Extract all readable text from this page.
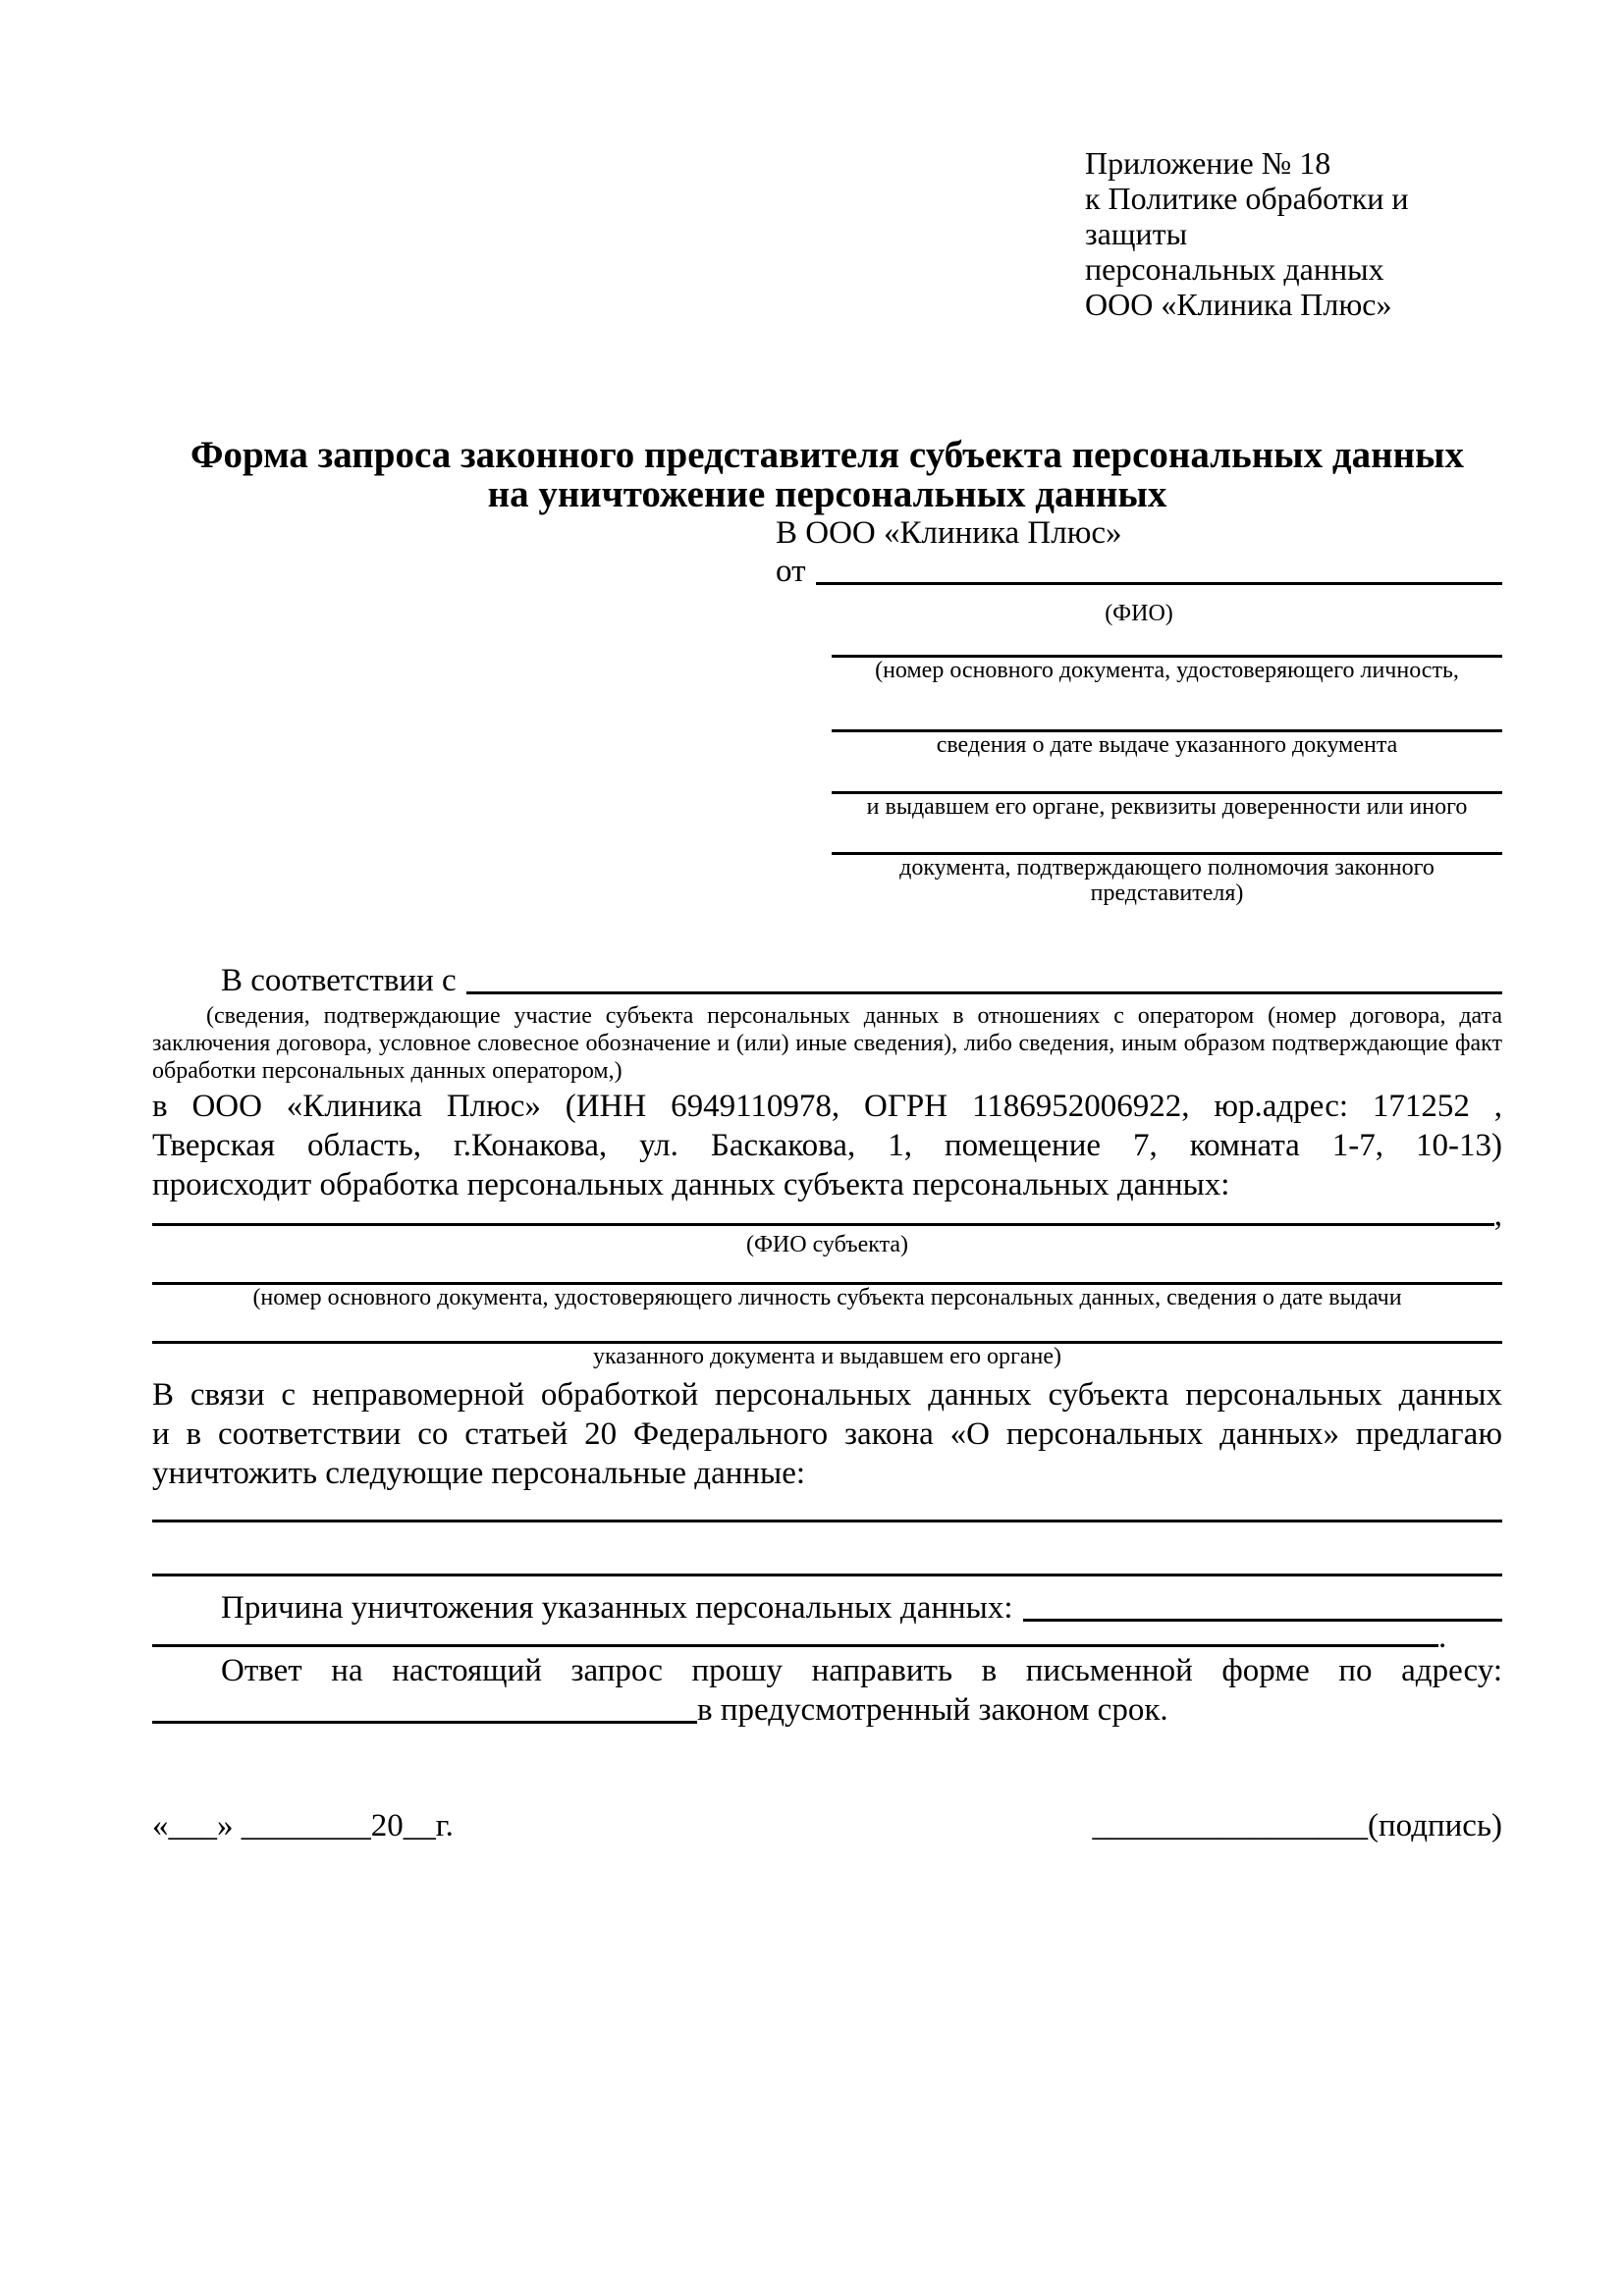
Приложение № 18
к Политике обработки и защиты
персональных данных
ООО «Клиника Плюс»
Форма запроса законного представителя субъекта персональных данных
на уничтожение персональных данных
В ООО «Клиника Плюс»
от
(ФИО)
(номер основного документа, удостоверяющего личность,
сведения о дате выдаче указанного документа
и выдавшем его органе, реквизиты доверенности или иного
документа, подтверждающего полномочия законного представителя)
В соответствии с
(сведения, подтверждающие участие субъекта персональных данных в отношениях с оператором (номер договора, дата
заключения договора, условное словесное обозначение и (или) иные сведения), либо сведения, иным образом подтверждающие факт
обработки персональных данных оператором,)
в ООО «Клиника Плюс» (ИНН 6949110978, ОГРН 1186952006922, юр.адрес: 171252 ,
Тверская область, г.Конакова, ул. Баскакова, 1, помещение 7, комната 1-7, 10-13)
происходит обработка персональных данных субъекта персональных данных:
,
(ФИО субъекта)
(номер основного документа, удостоверяющего личность субъекта персональных данных, сведения о дате выдачи
указанного документа и выдавшем его органе)
В связи с неправомерной обработкой персональных данных субъекта персональных данных
и в соответствии со статьей 20 Федерального закона «О персональных данных» предлагаю
уничтожить следующие персональные данные:
Причина уничтожения указанных персональных данных:
.
Ответ на настоящий запрос прошу направить в письменной форме по адресу:
в предусмотренный законом срок.
«___» ________20__г.	_________________(подпись)
